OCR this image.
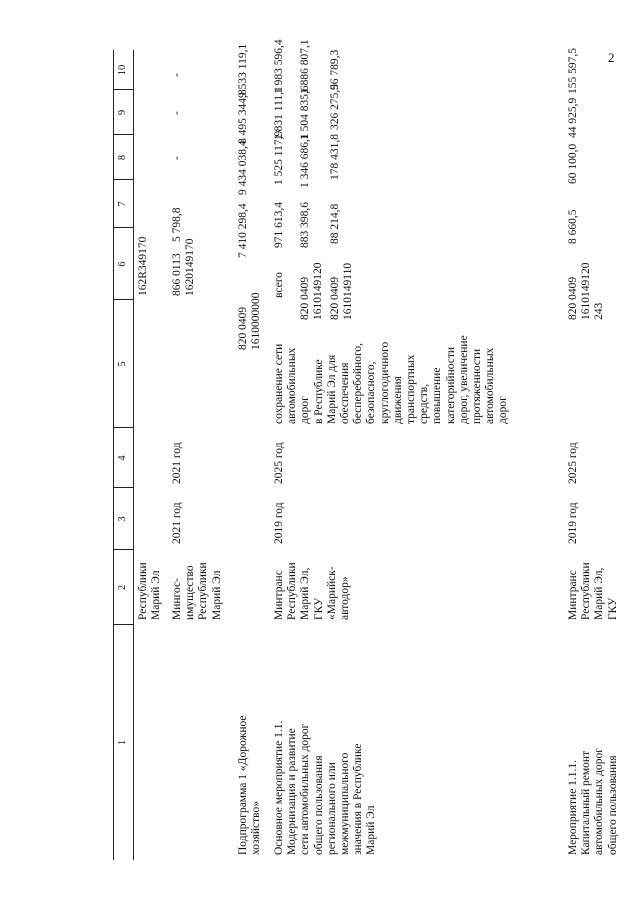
2
1
2
3
4
5
6
7
8
9
10
Республики
Марий Эл
162R349170
Мингос-
имущество
Республики
Марий Эл
2021 год
2021 год
866 0113
1620149170
5 798,8
-
-
-
Подпрограмма 1 «Дорожное
хозяйство»
820 0409
1610000000
7 410 298,4
9 434 038,4
8 495 344,8
9 533 119,1
Основное мероприятие 1.1.
Модернизация и развитие
сети автомобильных дорог
общего пользования
регионального или
межмуниципального
значения в Республике
Марий Эл
Минтранс
Республики
Марий Эл,
ГКУ
«Марийск-
автодор»
2019 год
2025 год
сохранение сети
автомобильных
дорог
в Республике
Марий Эл для
обеспечения
бесперебойного,
безопасного,
круглогодичного
движения
транспортных
средств,
повышение
категорийности
дорог, увеличение
протяженности
автомобильных
дорог
всего
971 613,4
1 525 117,9
1 831 111,1
1 983 596,4
820 0409
1610149120
883 398,6
1 346 686,1
1 504 835,6
1 886 807,1
820 0409
1610149110
88 214,8
178 431,8
326 275,5
96 789,3
Мероприятие 1.1.1.
Капитальный ремонт
автомобильных дорог
общего пользования
Минтранс
Республики
Марий Эл,
ГКУ
2019 год
2025 год
820 0409
1610149120
243
8 660,5
60 100,0
44 925,9
155 597,5
